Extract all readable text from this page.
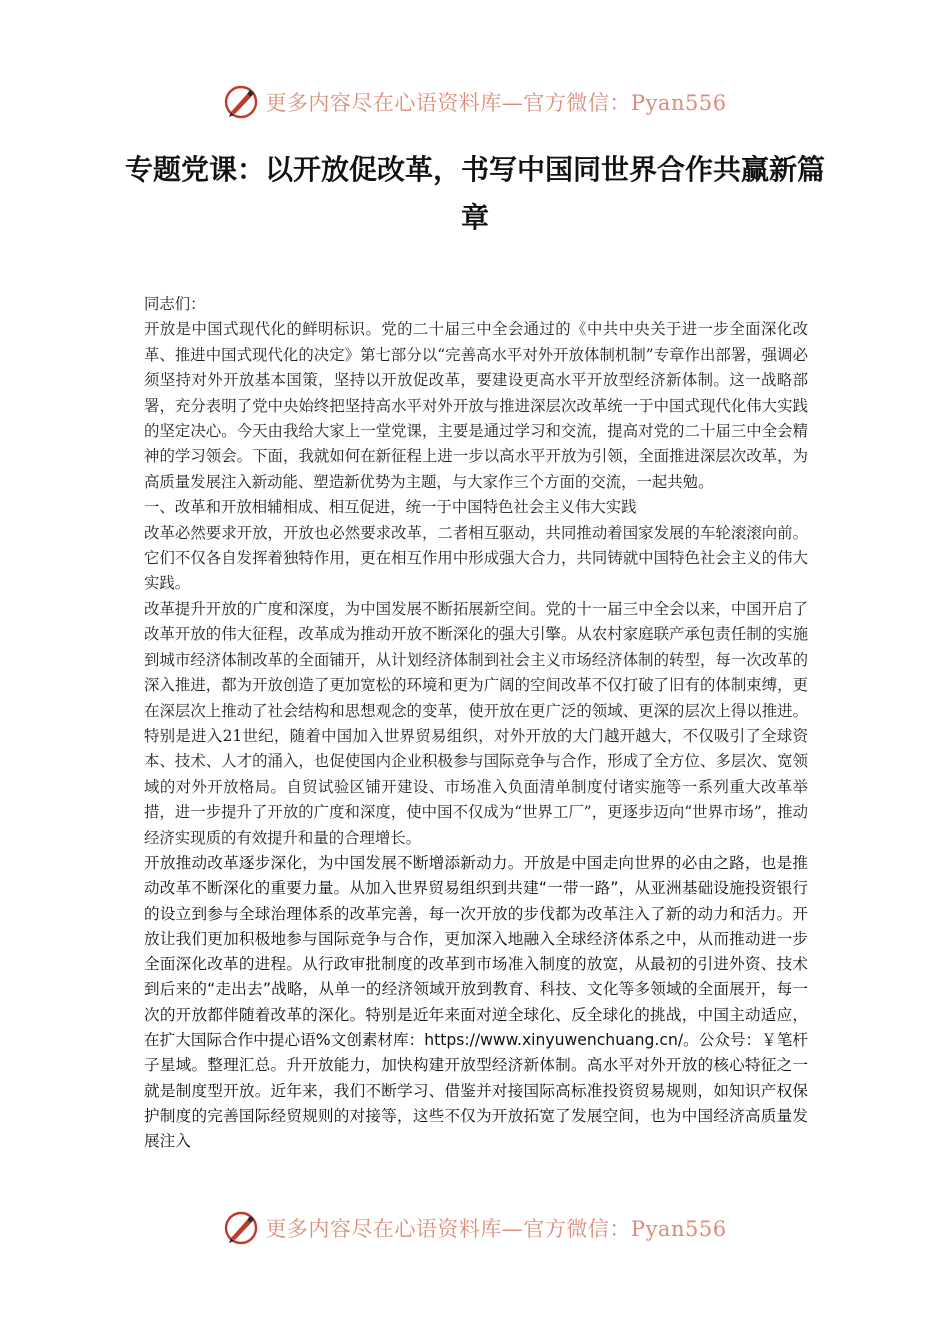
更多内容尽在心语资料库—官方微信：Pyan556
专题党课：以开放促改革，书写中国同世界合作共赢新篇章

同志们：

开放是中国式现代化的鲜明标识。党的二十届三中全会通过的《中共中央关于进一步全面深化改革、推进中国式现代化的决定》第七部分以“完善高水平对外开放体制机制”专章作出部署，强调必须坚持对外开放基本国策，坚持以开放促改革，要建设更高水平开放型经济新体制。这一战略部署，充分表明了党中央始终把坚持高水平对外开放与推进深层次改革统一于中国式现代化伟大实践的坚定决心。今天由我给大家上一堂党课，主要是通过学习和交流，提高对党的二十届三中全会精神的学习领会。下面，我就如何在新征程上进一步以高水平开放为引领，全面推进深层次改革，为高质量发展注入新动能、塑造新优势为主题，与大家作三个方面的交流，一起共勉。

一、改革和开放相辅相成、相互促进，统一于中国特色社会主义伟大实践

改革必然要求开放，开放也必然要求改革，二者相互驱动，共同推动着国家发展的车轮滚滚向前。它们不仅各自发挥着独特作用，更在相互作用中形成强大合力，共同铸就中国特色社会主义的伟大实践。

改革提升开放的广度和深度，为中国发展不断拓展新空间。党的十一届三中全会以来，中国开启了改革开放的伟大征程，改革成为推动开放不断深化的强大引擎。从农村家庭联产承包责任制的实施到城市经济体制改革的全面铺开，从计划经济体制到社会主义市场经济体制的转型，每一次改革的深入推进，都为开放创造了更加宽松的环境和更为广阔的空间改革不仅打破了旧有的体制束缚，更在深层次上推动了社会结构和思想观念的变革，使开放在更广泛的领域、更深的层次上得以推进。特别是进入21世纪，随着中国加入世界贸易组织，对外开放的大门越开越大，不仅吸引了全球资本、技术、人才的涌入，也促使国内企业积极参与国际竞争与合作，形成了全方位、多层次、宽领域的对外开放格局。自贸试验区铺开建设、市场准入负面清单制度付诸实施等一系列重大改革举措，进一步提升了开放的广度和深度，使中国不仅成为“世界工厂”，更逐步迈向“世界市场”，推动经济实现质的有效提升和量的合理增长。

开放推动改革逐步深化，为中国发展不断增添新动力。开放是中国走向世界的必由之路，也是推动改革不断深化的重要力量。从加入世界贸易组织到共建“一带一路”，从亚洲基础设施投资银行的设立到参与全球治理体系的改革完善，每一次开放的步伐都为改革注入了新的动力和活力。开放让我们更加积极地参与国际竞争与合作，更加深入地融入全球经济体系之中，从而推动进一步全面深化改革的进程。从行政审批制度的改革到市场准入制度的放宽，从最初的引进外资、技术到后来的“走出去”战略，从单一的经济领域开放到教育、科技、文化等多领域的全面展开，每一次的开放都伴随着改革的深化。特别是近年来面对逆全球化、反全球化的挑战，中国主动适应，在扩大国际合作中提心语%文创素材库：https://www.xinyuwenchuang.cn/。公众号：￥笔杆子星域。整理汇总。升开放能力，加快构建开放型经济新体制。高水平对外开放的核心特征之一就是制度型开放。近年来，我们不断学习、借鉴并对接国际高标准投资贸易规则，如知识产权保护制度的完善国际经贸规则的对接等，这些不仅为开放拓宽了发展空间，也为中国经济高质量发展注入

更多内容尽在心语资料库—官方微信：Pyan556
